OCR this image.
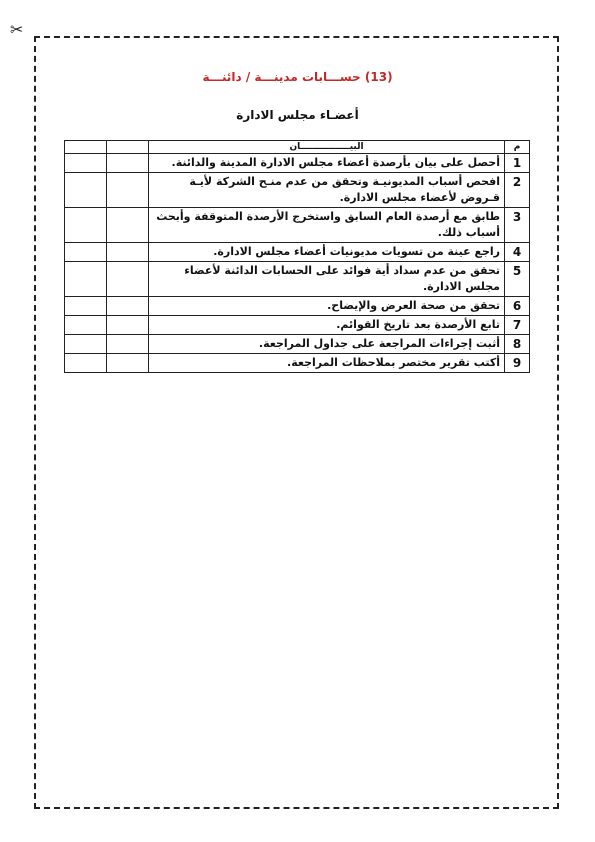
✂
(13) حســـابات مدينـــة / دائنـــة
أعضـاء مجلس الادارة
م	البيــــــــــــــــان		
1	أحصل على بيان بأرصدة أعضاء مجلس الادارة المدينة والدائنة.		
2	افحص أسباب المديونيـة وتحقق من عدم منـح الشركة لأيـة قـروض لأعضاء مجلس الادارة.		
3	طابق مع أرصدة العام السابق واستخرج الأرصدة المتوقفة وأبحث أسباب ذلك.		
4	راجع عينة من تسويات مديونيات أعضاء مجلس الادارة.		
5	تحقق من عدم سداد أية فوائد على الحسابات الدائنة لأعضاء مجلس الادارة.		
6	تحقق من صحة العرض والإيضاح.		
7	تابع الأرصدة بعد تاريخ القوائم.		
8	أثبت إجراءات المراجعة على جداول المراجعة.		
9	أكتب تقرير مختصر بملاحظات المراجعة.		
